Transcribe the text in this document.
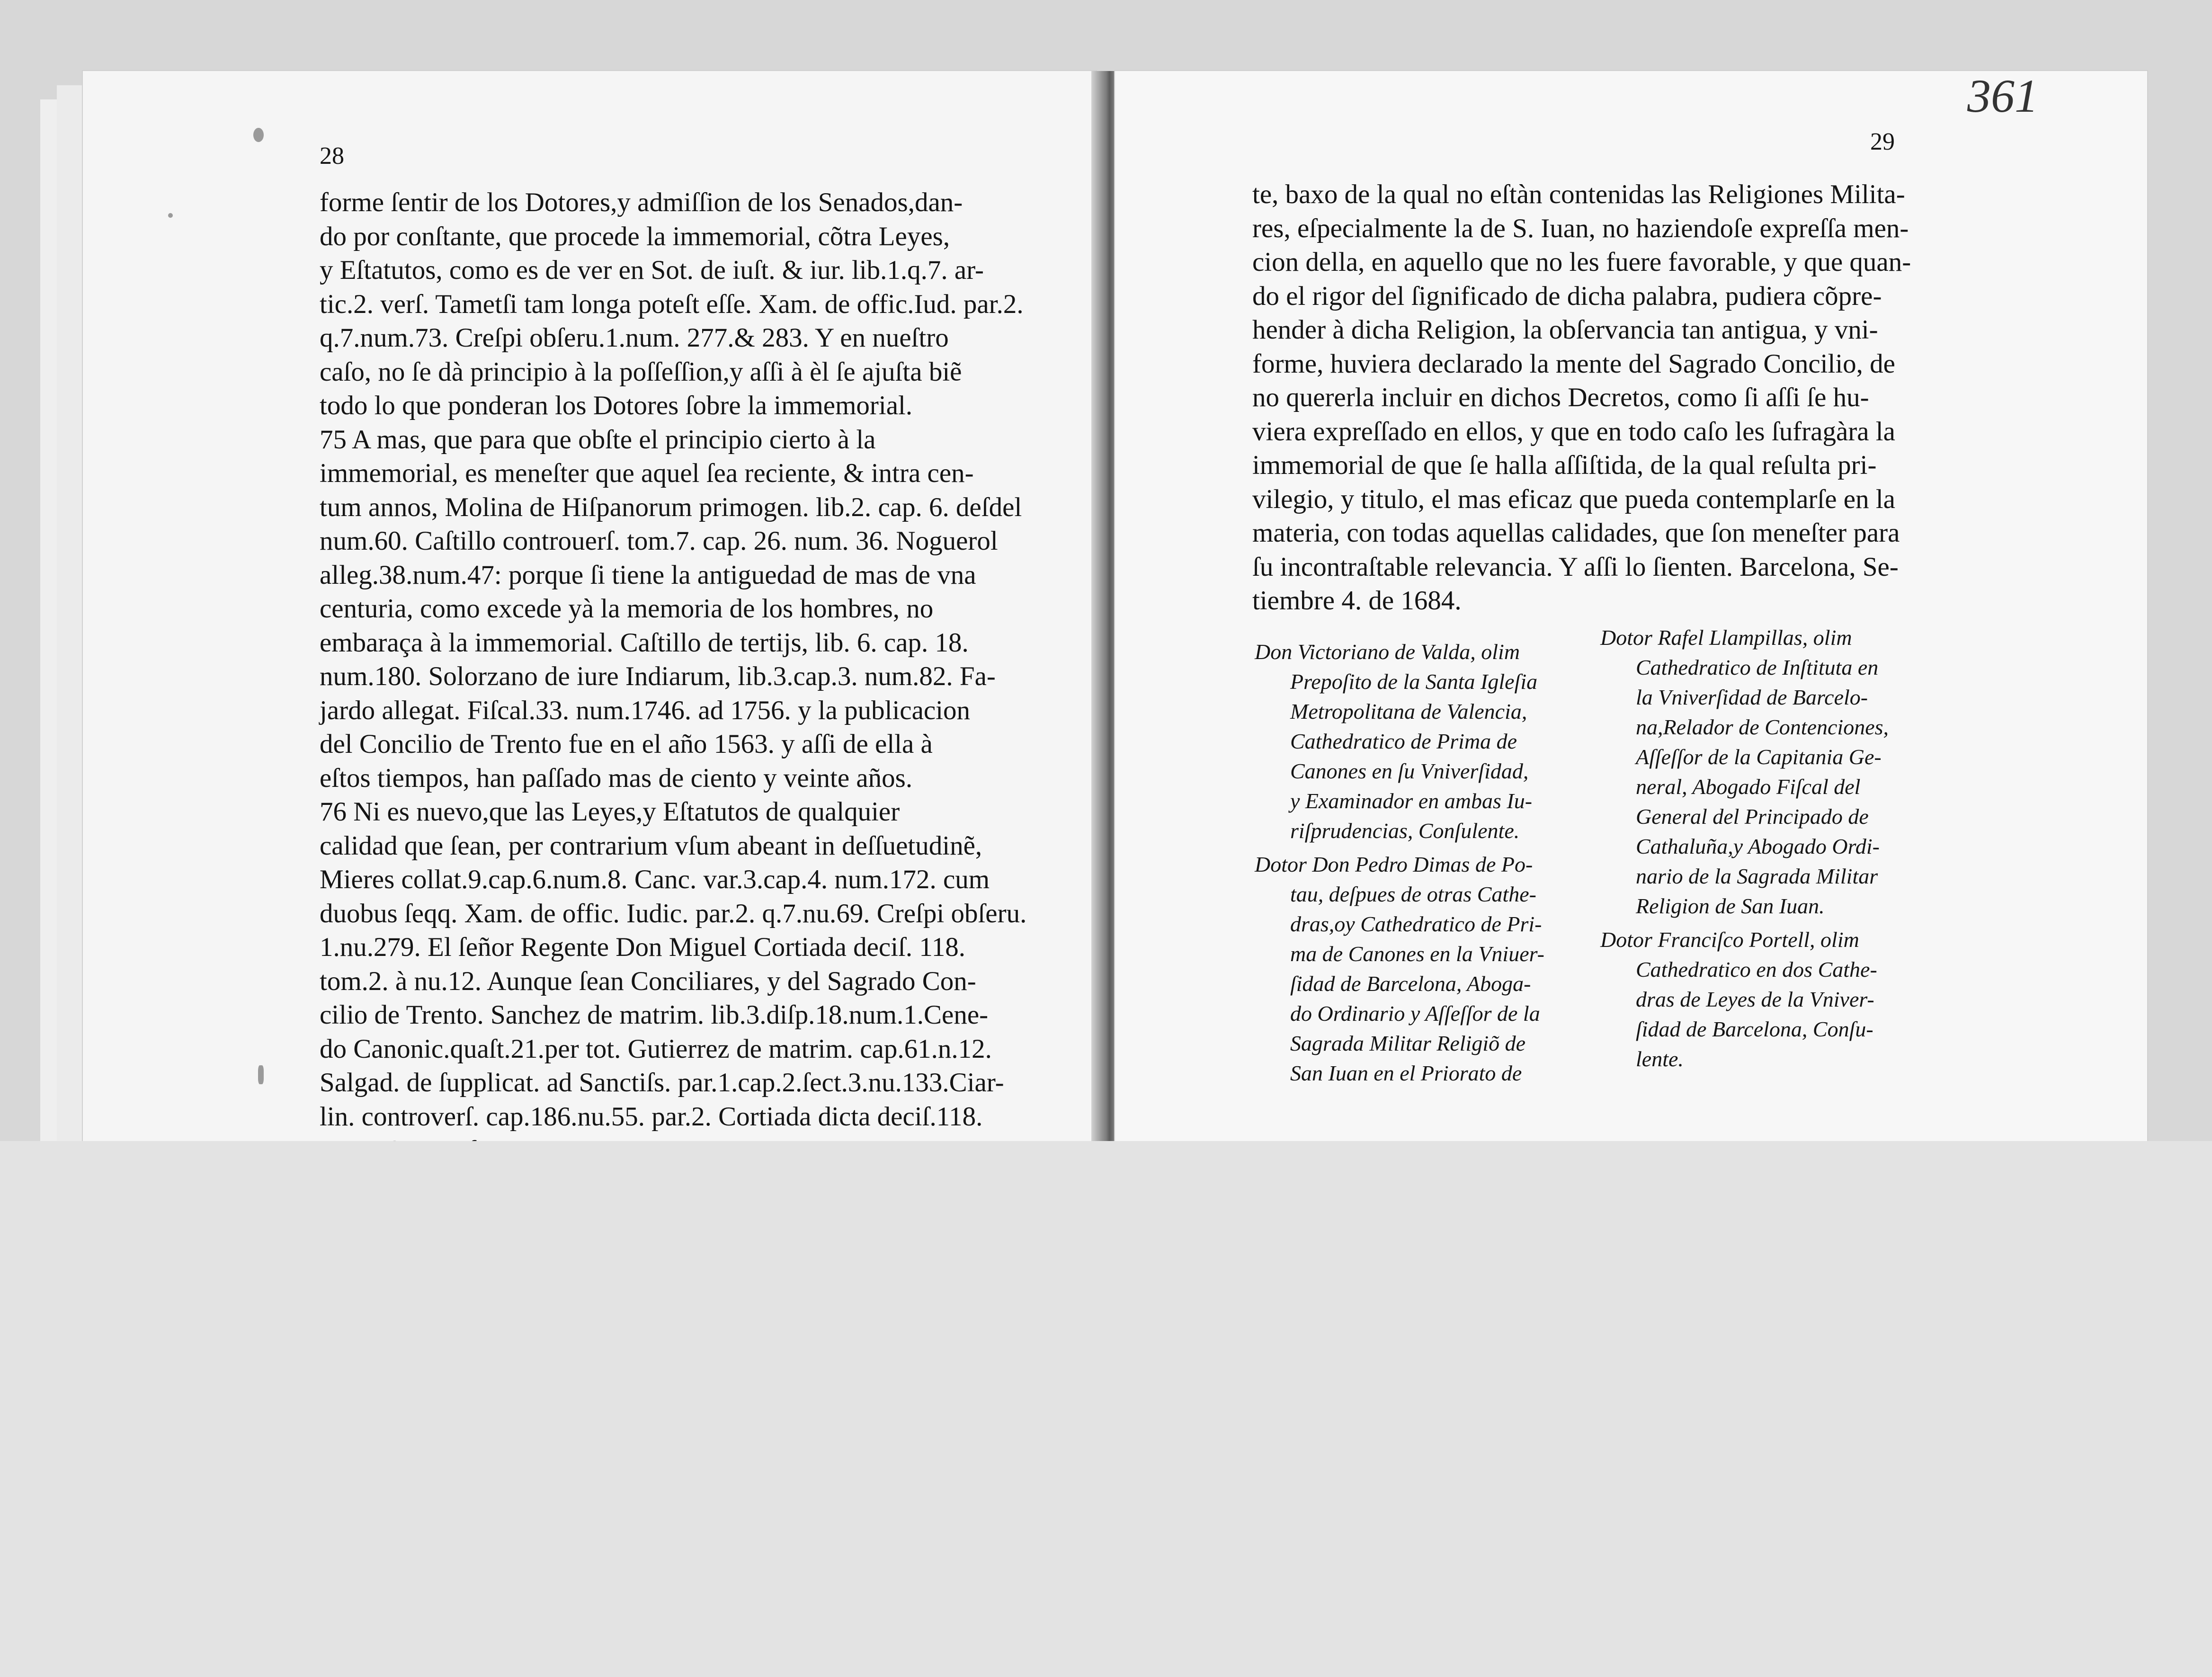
28
29
361
forme ſentir de los Dotores,y admiſſion de los Senados,dan-
do por conſtante, que procede la immemorial, cõtra Leyes,
y Eſtatutos, como es de ver en Sot. de iuſt. & iur. lib.1.q.7. ar-
tic.2. verſ. Tametſi tam longa poteſt eſſe. Xam. de offic.Iud. par.2.
q.7.num.73. Creſpi obſeru.1.num. 277.& 283. Y en nueſtro
caſo, no ſe dà principio à la poſſeſſion,y aſſi à èl ſe ajuſta biẽ
todo lo que ponderan los Dotores ſobre la immemorial.
75 A mas, que para que obſte el principio cierto à la
immemorial, es meneſter que aquel ſea reciente, & intra cen-
tum annos, Molina de Hiſpanorum primogen. lib.2. cap. 6. deſdel
num.60. Caſtillo controuerſ. tom.7. cap. 26. num. 36. Noguerol
alleg.38.num.47: porque ſi tiene la antiguedad de mas de vna
centuria, como excede yà la memoria de los hombres, no
embaraça à la immemorial. Caſtillo de tertijs, lib. 6. cap. 18.
num.180. Solorzano de iure Indiarum, lib.3.cap.3. num.82. Fa-
jardo allegat. Fiſcal.33. num.1746. ad 1756. y la publicacion
del Concilio de Trento fue en el año 1563. y aſſi de ella à
eſtos tiempos, han paſſado mas de ciento y veinte años.
76 Ni es nuevo,que las Leyes,y Eſtatutos de qualquier
calidad que ſean, per contrarium vſum abeant in deſſuetudinẽ,
Mieres collat.9.cap.6.num.8. Canc. var.3.cap.4. num.172. cum
duobus ſeqq. Xam. de offic. Iudic. par.2. q.7.nu.69. Creſpi obſeru.
1.nu.279. El ſeñor Regente Don Miguel Cortiada deciſ. 118.
tom.2. à nu.12. Aunque ſean Conciliares, y del Sagrado Con-
cilio de Trento. Sanchez de matrim. lib.3.diſp.18.num.1.Cene-
do Canonic.quaſt.21.per tot. Gutierrez de matrim. cap.61.n.12.
Salgad. de ſupplicat. ad Sanctiſs. par.1.cap.2.ſect.3.nu.133.Ciar-
lin. controverſ. cap.186.nu.55. par.2. Cortiada dicta deciſ.118.
te, baxo de la qual no eſtàn contenidas las Religiones Milita-
res, eſpecialmente la de S. Iuan, no haziendoſe expreſſa men-
cion della, en aquello que no les fuere favorable, y que quan-
do el rigor del ſignificado de dicha palabra, pudiera cõpre-
hender à dicha Religion, la obſervancia tan antigua, y vni-
forme, huviera declarado la mente del Sagrado Concilio, de
no quererla incluir en dichos Decretos, como ſi aſſi ſe hu-
viera expreſſado en ellos, y que en todo caſo les ſufragàra la
immemorial de que ſe halla aſſiſtida, de la qual reſulta pri-
vilegio, y titulo, el mas eficaz que pueda contemplarſe en la
materia, con todas aquellas calidades, que ſon meneſter para
ſu incontraſtable relevancia. Y aſſi lo ſienten. Barcelona, Se-
tiembre 4. de 1684.
Don Victoriano de Valda, olim
Prepoſito de la Santa Igleſia
Metropolitana de Valencia,
Cathedratico de Prima de
Canones en ſu Vniverſidad,
y Examinador en ambas Iu-
riſprudencias, Conſulente.
Dotor Don Pedro Dimas de Po-
tau, deſpues de otras Cathe-
dras,oy Cathedratico de Pri-
ma de Canones en la Vniuer-
ſidad de Barcelona, Aboga-
do Ordinario y Aſſeſſor de la
Sagrada Militar Religiõ de
San Iuan en el Priorato de
Dotor Rafel Llampillas, olim
Cathedratico de Inſtituta en
la Vniverſidad de Barcelo-
na,Relador de Contenciones,
Aſſeſſor de la Capitania Ge-
neral, Abogado Fiſcal del
General del Principado de
Cathaluña,y Abogado Ordi-
nario de la Sagrada Militar
Religion de San Iuan.
Dotor Franciſco Portell, olim
Cathedratico en dos Cathe-
dras de Leyes de la Vniver-
ſidad de Barcelona, Conſu-
lente.
